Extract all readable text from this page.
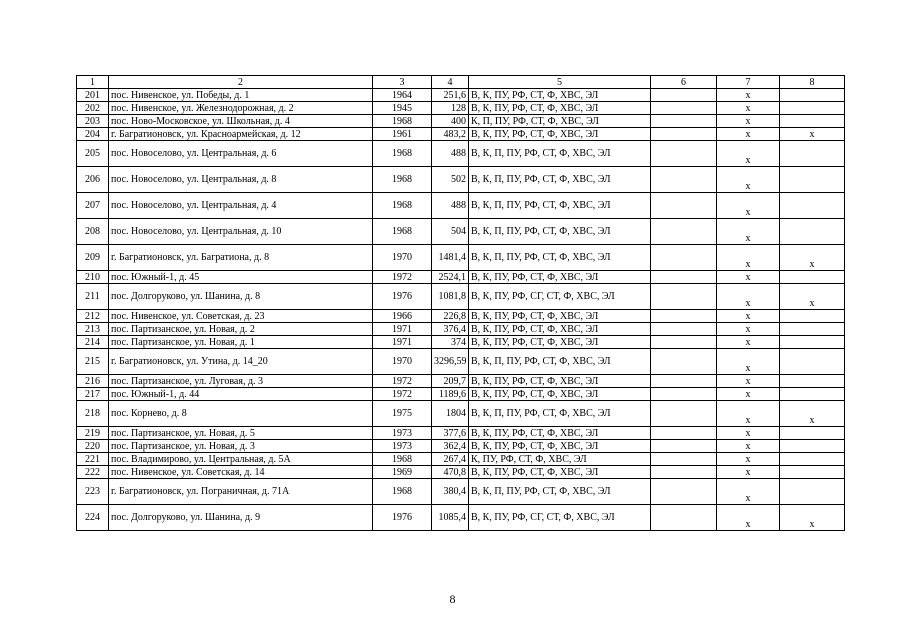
1	2	3	4	5	6	7	8
201	пос. Нивенское, ул. Победы, д. 1	1964	251,6	В, К, ПУ, РФ, СТ, Ф, ХВС, ЭЛ		x	
202	пос. Нивенское, ул. Железнодорожная, д. 2	1945	128	В, К, ПУ, РФ, СТ, Ф, ХВС, ЭЛ		x	
203	пос. Ново-Московское, ул. Школьная, д. 4	1968	400	К, П, ПУ, РФ, СТ, Ф, ХВС, ЭЛ		x	
204	г. Багратионовск, ул. Красноармейская, д. 12	1961	483,2	В, К, ПУ, РФ, СТ, Ф, ХВС, ЭЛ		x	x
205	пос. Новоселово, ул. Центральная, д. 6	1968	488	В, К, П, ПУ, РФ, СТ, Ф, ХВС, ЭЛ		x	
206	пос. Новоселово, ул. Центральная, д. 8	1968	502	В, К, П, ПУ, РФ, СТ, Ф, ХВС, ЭЛ		x	
207	пос. Новоселово, ул. Центральная, д. 4	1968	488	В, К, П, ПУ, РФ, СТ, Ф, ХВС, ЭЛ		x	
208	пос. Новоселово, ул. Центральная, д. 10	1968	504	В, К, П, ПУ, РФ, СТ, Ф, ХВС, ЭЛ		x	
209	г. Багратионовск, ул. Багратиона, д. 8	1970	1481,4	В, К, П, ПУ, РФ, СТ, Ф, ХВС, ЭЛ		x	x
210	пос. Южный-1, д. 45	1972	2524,1	В, К, ПУ, РФ, СТ, Ф, ХВС, ЭЛ		x	
211	пос. Долгоруково, ул. Шанина, д. 8	1976	1081,8	В, К, ПУ, РФ, СГ, СТ, Ф, ХВС, ЭЛ		x	x
212	пос. Нивенское, ул. Советская, д. 23	1966	226,8	В, К, ПУ, РФ, СТ, Ф, ХВС, ЭЛ		x	
213	пос. Партизанское, ул. Новая, д. 2	1971	376,4	В, К, ПУ, РФ, СТ, Ф, ХВС, ЭЛ		x	
214	пос. Партизанское, ул. Новая, д. 1	1971	374	В, К, ПУ, РФ, СТ, Ф, ХВС, ЭЛ		x	
215	г. Багратионовск, ул. Утина, д. 14_20	1970	3296,59	В, К, П, ПУ, РФ, СТ, Ф, ХВС, ЭЛ		x	
216	пос. Партизанское, ул. Луговая, д. 3	1972	209,7	В, К, ПУ, РФ, СТ, Ф, ХВС, ЭЛ		x	
217	пос. Южный-1, д. 44	1972	1189,6	В, К, ПУ, РФ, СТ, Ф, ХВС, ЭЛ		x	
218	пос. Корнево, д. 8	1975	1804	В, К, П, ПУ, РФ, СТ, Ф, ХВС, ЭЛ		x	x
219	пос. Партизанское, ул. Новая, д. 5	1973	377,6	В, К, ПУ, РФ, СТ, Ф, ХВС, ЭЛ		x	
220	пос. Партизанское, ул. Новая, д. 3	1973	362,4	В, К, ПУ, РФ, СТ, Ф, ХВС, ЭЛ		x	
221	пос. Владимирово, ул. Центральная, д. 5А	1968	267,4	К, ПУ, РФ, СТ, Ф, ХВС, ЭЛ		x	
222	пос. Нивенское, ул. Советская, д. 14	1969	470,8	В, К, ПУ, РФ, СТ, Ф, ХВС, ЭЛ		x	
223	г. Багратионовск, ул. Пограничная, д. 71А	1968	380,4	В, К, П, ПУ, РФ, СТ, Ф, ХВС, ЭЛ		x	
224	пос. Долгоруково, ул. Шанина, д. 9	1976	1085,4	В, К, ПУ, РФ, СГ, СТ, Ф, ХВС, ЭЛ		x	x
8
